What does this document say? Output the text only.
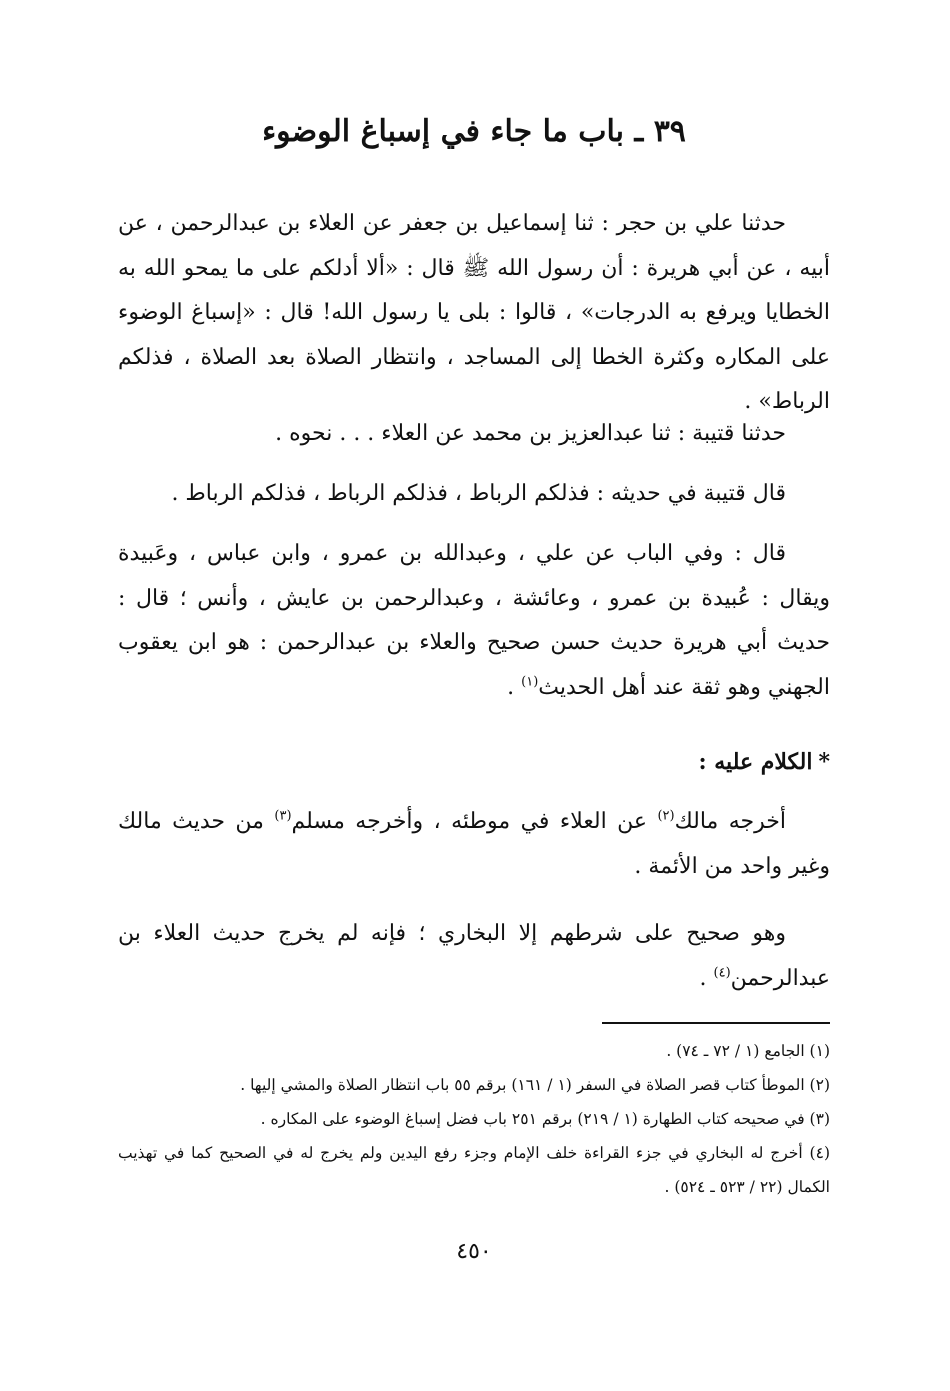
٣٩ ـ باب ما جاء في إسباغ الوضوء

حدثنا علي بن حجر : ثنا إسماعيل بن جعفر عن العلاء بن عبدالرحمن ، عن أبيه ، عن أبي هريرة : أن رسول الله ﷺ قال : «ألا أدلكم على ما يمحو الله به الخطايا ويرفع به الدرجات» ، قالوا : بلى يا رسول الله! قال : «إسباغ الوضوء على المكاره وكثرة الخطا إلى المساجد ، وانتظار الصلاة بعد الصلاة ، فذلكم الرباط» .

حدثنا قتيبة : ثنا عبدالعزيز بن محمد عن العلاء . . . نحوه .

قال قتيبة في حديثه : فذلكم الرباط ، فذلكم الرباط ، فذلكم الرباط .

قال : وفي الباب عن علي ، وعبدالله بن عمرو ، وابن عباس ، وعَبيدة ويقال : عُبيدة بن عمرو ، وعائشة ، وعبدالرحمن بن عايش ، وأنس ؛ قال : حديث أبي هريرة حديث حسن صحيح والعلاء بن عبدالرحمن : هو ابن يعقوب الجهني وهو ثقة عند أهل الحديث$^{(١)}$ .

*الكلام عليه :

أخرجه مالك$^{(٢)}$ عن العلاء في موطئه ، وأخرجه مسلم$^{(٣)}$ من حديث مالك وغير واحد من الأئمة .

وهو صحيح على شرطهم إلا البخاري ؛ فإنه لم يخرج حديث العلاء بن عبدالرحمن$^{(٤)}$ .

(١) الجامع (١ / ٧٢ ـ ٧٤) .

(٢) الموطأ كتاب قصر الصلاة في السفر (١ / ١٦١) برقم ٥٥ باب انتظار الصلاة والمشي إليها .

(٣) في صحيحه كتاب الطهارة (١ / ٢١٩) برقم ٢٥١ باب فضل إسباغ الوضوء على المكاره .

(٤) أخرج له البخاري في جزء القراءة خلف الإمام وجزء رفع اليدين ولم يخرج له في الصحيح كما في تهذيب الكمال (٢٢ / ٥٢٣ ـ ٥٢٤) .

٤٥٠
